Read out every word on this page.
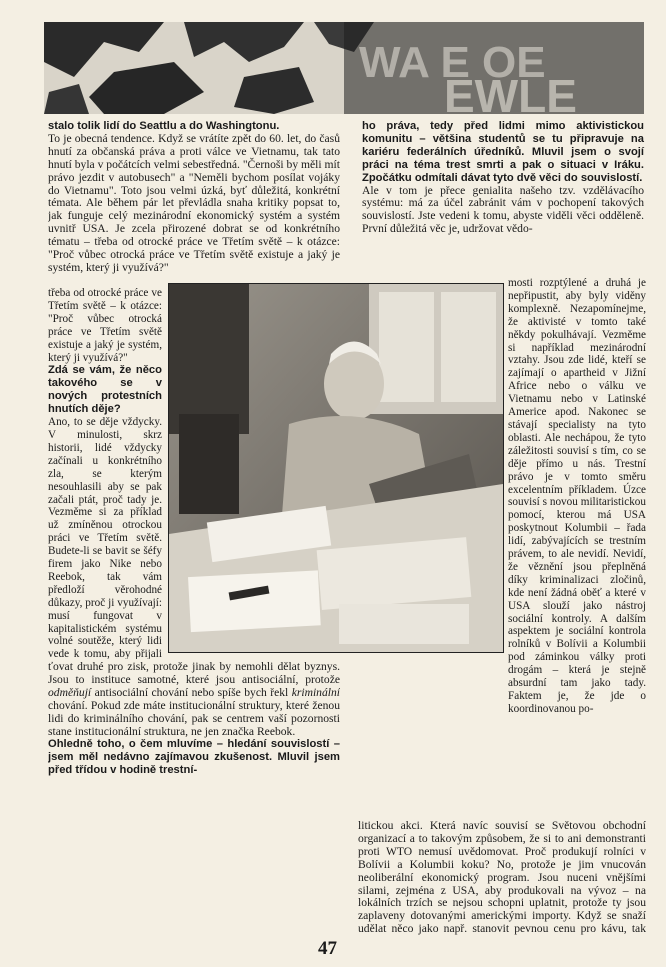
WA E OE
EWLE

stalo tolik lidí do Seattlu a do Washingtonu.

To je obecná tendence. Když se vrátíte zpět do 60. let, do časů hnutí za občanská práva a proti válce ve Vietnamu, tak tato hnutí byla v počátcích velmi sebestředná. "Černoši by měli mít právo jezdit v autobusech" a "Neměli bychom posílat vojáky do Vietnamu". Toto jsou velmi úzká, byť důležitá, konkrétní témata. Ale během pár let převládla snaha kritiky popsat to, jak funguje celý mezinárodní ekonomický systém a systém uvnitř USA. Je zcela přirozené dobrat se od konkrétního tématu – třeba od otrocké práce ve Třetím světě – k otázce: "Proč vůbec otrocká práce ve Třetím světě existuje a jaký je systém, který ji využívá?"

třeba od otrocké práce ve Třetím světě – k otázce: "Proč vůbec otrocká práce ve Třetím světě existuje a jaký je systém, který ji využívá?"

Zdá se vám, že něco takového se v nových protestních hnutích děje?

Ano, to se děje vždycky. V minulosti, skrz historii, lidé vždycky začínali u konkrétního zla, se kterým nesouhlasili aby se pak začali ptát, proč tady je. Vezměme si za příklad už zmíněnou otrockou práci ve Třetím světě. Budete-li se bavit se šéfy firem jako Nike nebo Reebok, tak vám předloží věrohodné důkazy, proč ji využívají: musí fungovat v kapitalistickém systému volné soutěže, který lidi vede k tomu, aby přijali

ťovat druhé pro zisk, protože jinak by nemohli dělat byznys. Jsou to instituce samotné, které jsou antisociální, protože odměňují antisociální chování nebo spíše bych řekl kriminální chování. Pokud zde máte institucionální struktury, které ženou lidi do kriminálního chování, pak se centrem vaší pozornosti stane institucionální struktura, ne jen značka Reebok.

Ohledně toho, o čem mluvíme – hledání souvislostí – jsem měl nedávno zajímavou zkušenost. Mluvil jsem před třídou v hodině trestní-

ho práva, tedy před lidmi mimo aktivistickou komunitu – většina studentů se tu připravuje na kariéru federálních úředníků. Mluvil jsem o svojí práci na téma trest smrti a pak o situaci v Iráku. Zpočátku odmítali dávat tyto dvě věci do souvislostí.

Ale v tom je přece genialita našeho tzv. vzdělávacího systému: má za účel zabránit vám v pochopení takových souvislostí. Jste vedeni k tomu, abyste viděli věci odděleně. První důležitá věc je, udržovat vědo-

mosti rozptýlené a druhá je nepřipustit, aby byly viděny komplexně. Nezapomínejme, že aktivisté v tomto také někdy pokulhávají. Vezměme si například mezinárodní vztahy. Jsou zde lidé, kteří se zajímají o apartheid v Jižní Africe nebo o válku ve Vietnamu nebo v Latinské Americe apod. Nakonec se stávají specialisty na tyto oblasti. Ale nechápou, že tyto záležitosti souvisí s tím, co se děje přímo u nás. Trestní právo je v tomto směru excelentním příkladem. Úzce souvisí s novou militaristickou pomocí, kterou má USA poskytnout Kolumbii – řada lidí, zabývajících se trestním právem, to ale nevidí. Nevidí, že věznění jsou přeplněná díky kriminalizaci zločinů, kde není žádná oběť a které v USA slouží jako nástroj sociální kontroly. A dalším aspektem je sociální kontrola rolníků v Bolívii a Kolumbii pod záminkou války proti drogám – která je stejně absurdní tam jako tady. Faktem je, že jde o koordinovanou po-

litickou akci. Která navíc souvisí se Světovou obchodní organizací a to takovým způsobem, že si to ani demonstranti proti WTO nemusí uvědomovat. Proč produkují rolníci v Bolívii a Kolumbii koku? No, protože je jim vnucován neoliberální ekonomický program. Jsou nuceni vnějšími silami, zejména z USA, aby produkovali na vývoz – na lokálních trzích se nejsou schopni uplatnit, protože ty jsou zaplaveny dotovanými americkými importy. Když se snaží udělat něco jako např. stanovit pevnou cenu pro kávu, tak

47
